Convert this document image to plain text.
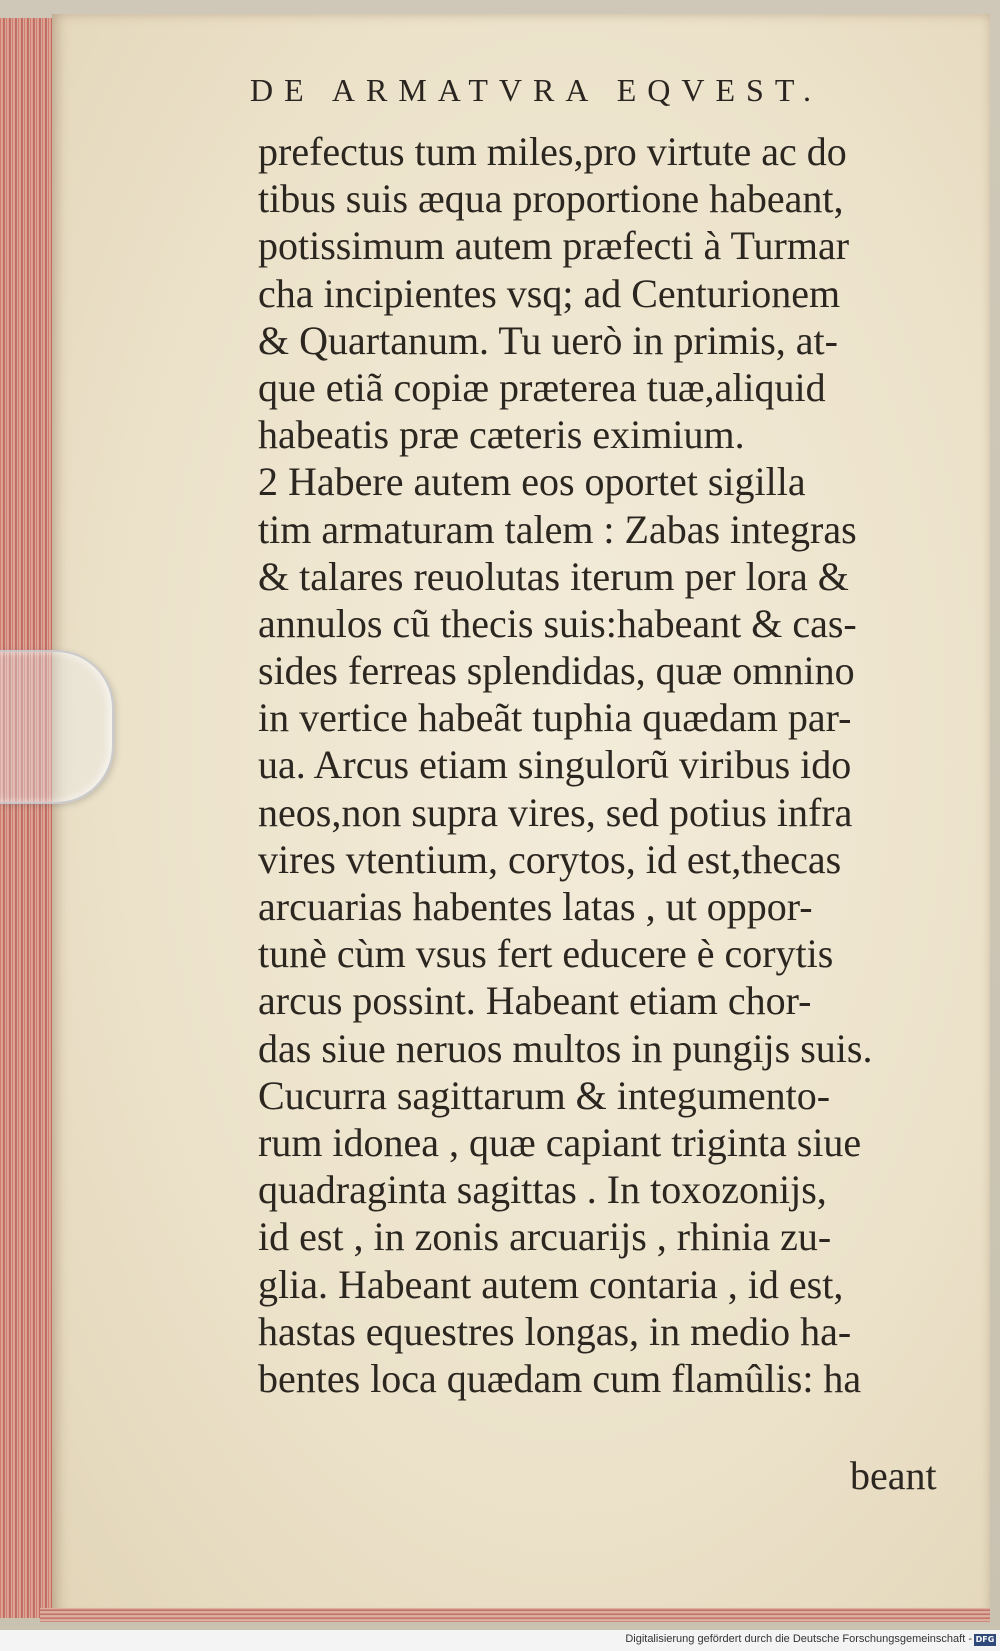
DE ARMATVRA EQVEST.
prefectus tum miles,pro virtute ac do
tibus suis æqua proportione habeant,
potissimum autem præfecti à Turmar
cha incipientes vsq; ad Centurionem
& Quartanum. Tu uerò in primis, at-
que etiã copiæ præterea tuæ,aliquid
habeatis præ cæteris eximium.
2 Habere autem eos oportet sigilla
tim armaturam talem : Zabas integras
& talares reuolutas iterum per lora &
annulos cũ thecis suis:habeant & cas-
sides ferreas splendidas, quæ omnino
in vertice habeãt tuphia quædam par-
ua. Arcus etiam singulorũ viribus ido
neos,non supra vires, sed potius infra
vires vtentium, corytos, id est,thecas
arcuarias habentes latas , ut oppor-
tunè cùm vsus fert educere è corytis
arcus possint. Habeant etiam chor-
das siue neruos multos in pungijs suis.
Cucurra sagittarum & integumento-
rum idonea , quæ capiant triginta siue
quadraginta sagittas . In toxozonijs,
id est , in zonis arcuarijs , rhinia zu-
glia. Habeant autem contaria , id est,
hastas equestres longas, in medio ha-
bentes loca quædam cum flamûlis: ha
beant
Digitalisierung gefördert durch die Deutsche Forschungsgemeinschaft - DFG
